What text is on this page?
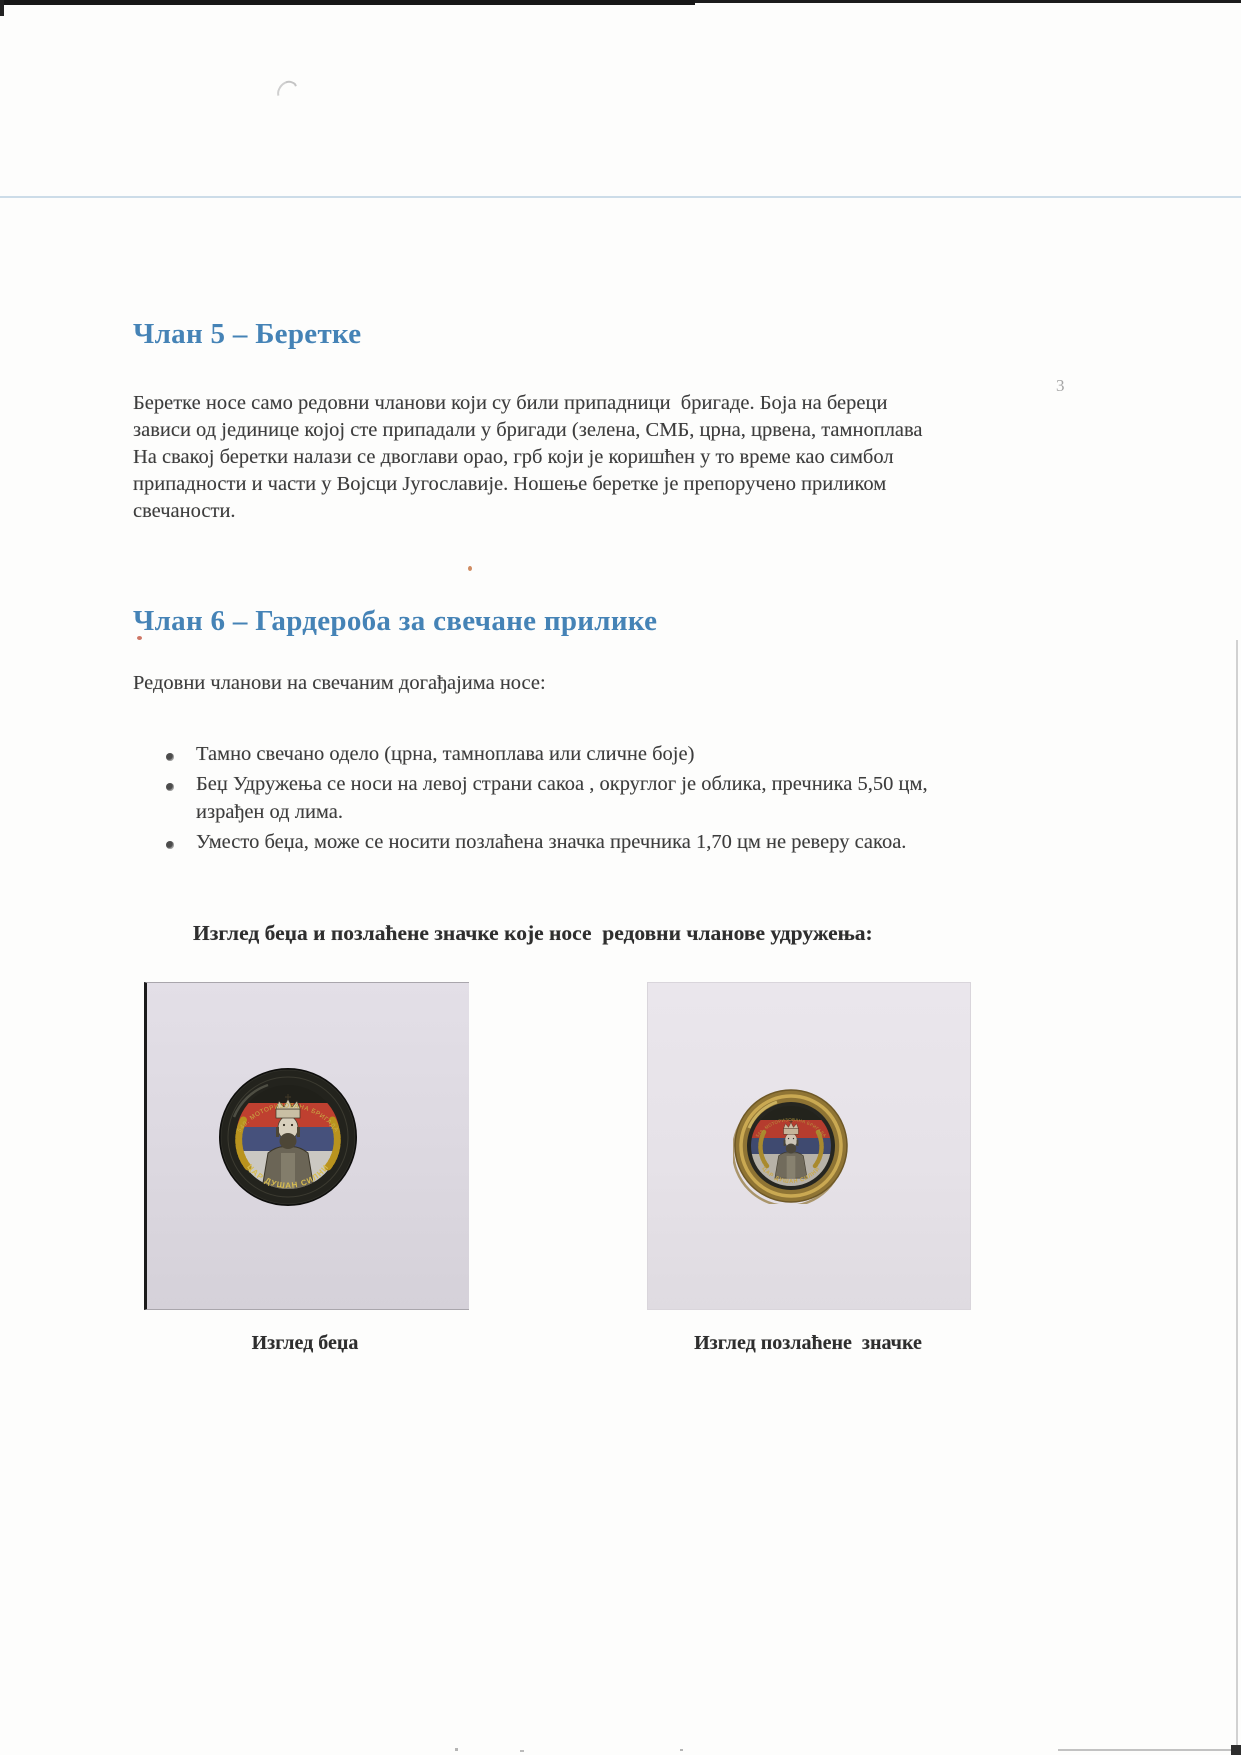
3
Члан 5 – Беретке
Беретке носе само редовни чланови који су били припадници  бригаде. Боја на береци
зависи од јединице којој сте припадали у бригади (зелена, СМБ, црна, црвена, тамноплава
На свакој беретки налази се двоглави орао, грб који је коришћен у то време као симбол
припадности и части у Војсци Југославије. Ношење беретке је препоручено приликом
свечаности.
Члан 6 – Гардероба за свечане прилике
Редовни чланови на свечаним догађајима носе:
Тамно свечано одело (црна, тамноплава или сличне боје)
Беџ Удружења се носи на левој страни сакоа , округлог је облика, пречника 5,50 цм,
израђен од лима.
Уместо беџа, може се носити позлаћена значка пречника 1,70 цм не реверу сакоа.
Изглед беџа и позлаћене значке које носе  редовни чланове удружења:
549. МОТОРИЗОВАНА БРИГАДА
ЦАР ДУШАН СИЛНИ
549. МОТОРИЗОВАНА БРИГАДА
ЦАР ДУШАН СИЛНИ
Изглед беџа	Изглед позлаћене  значке
